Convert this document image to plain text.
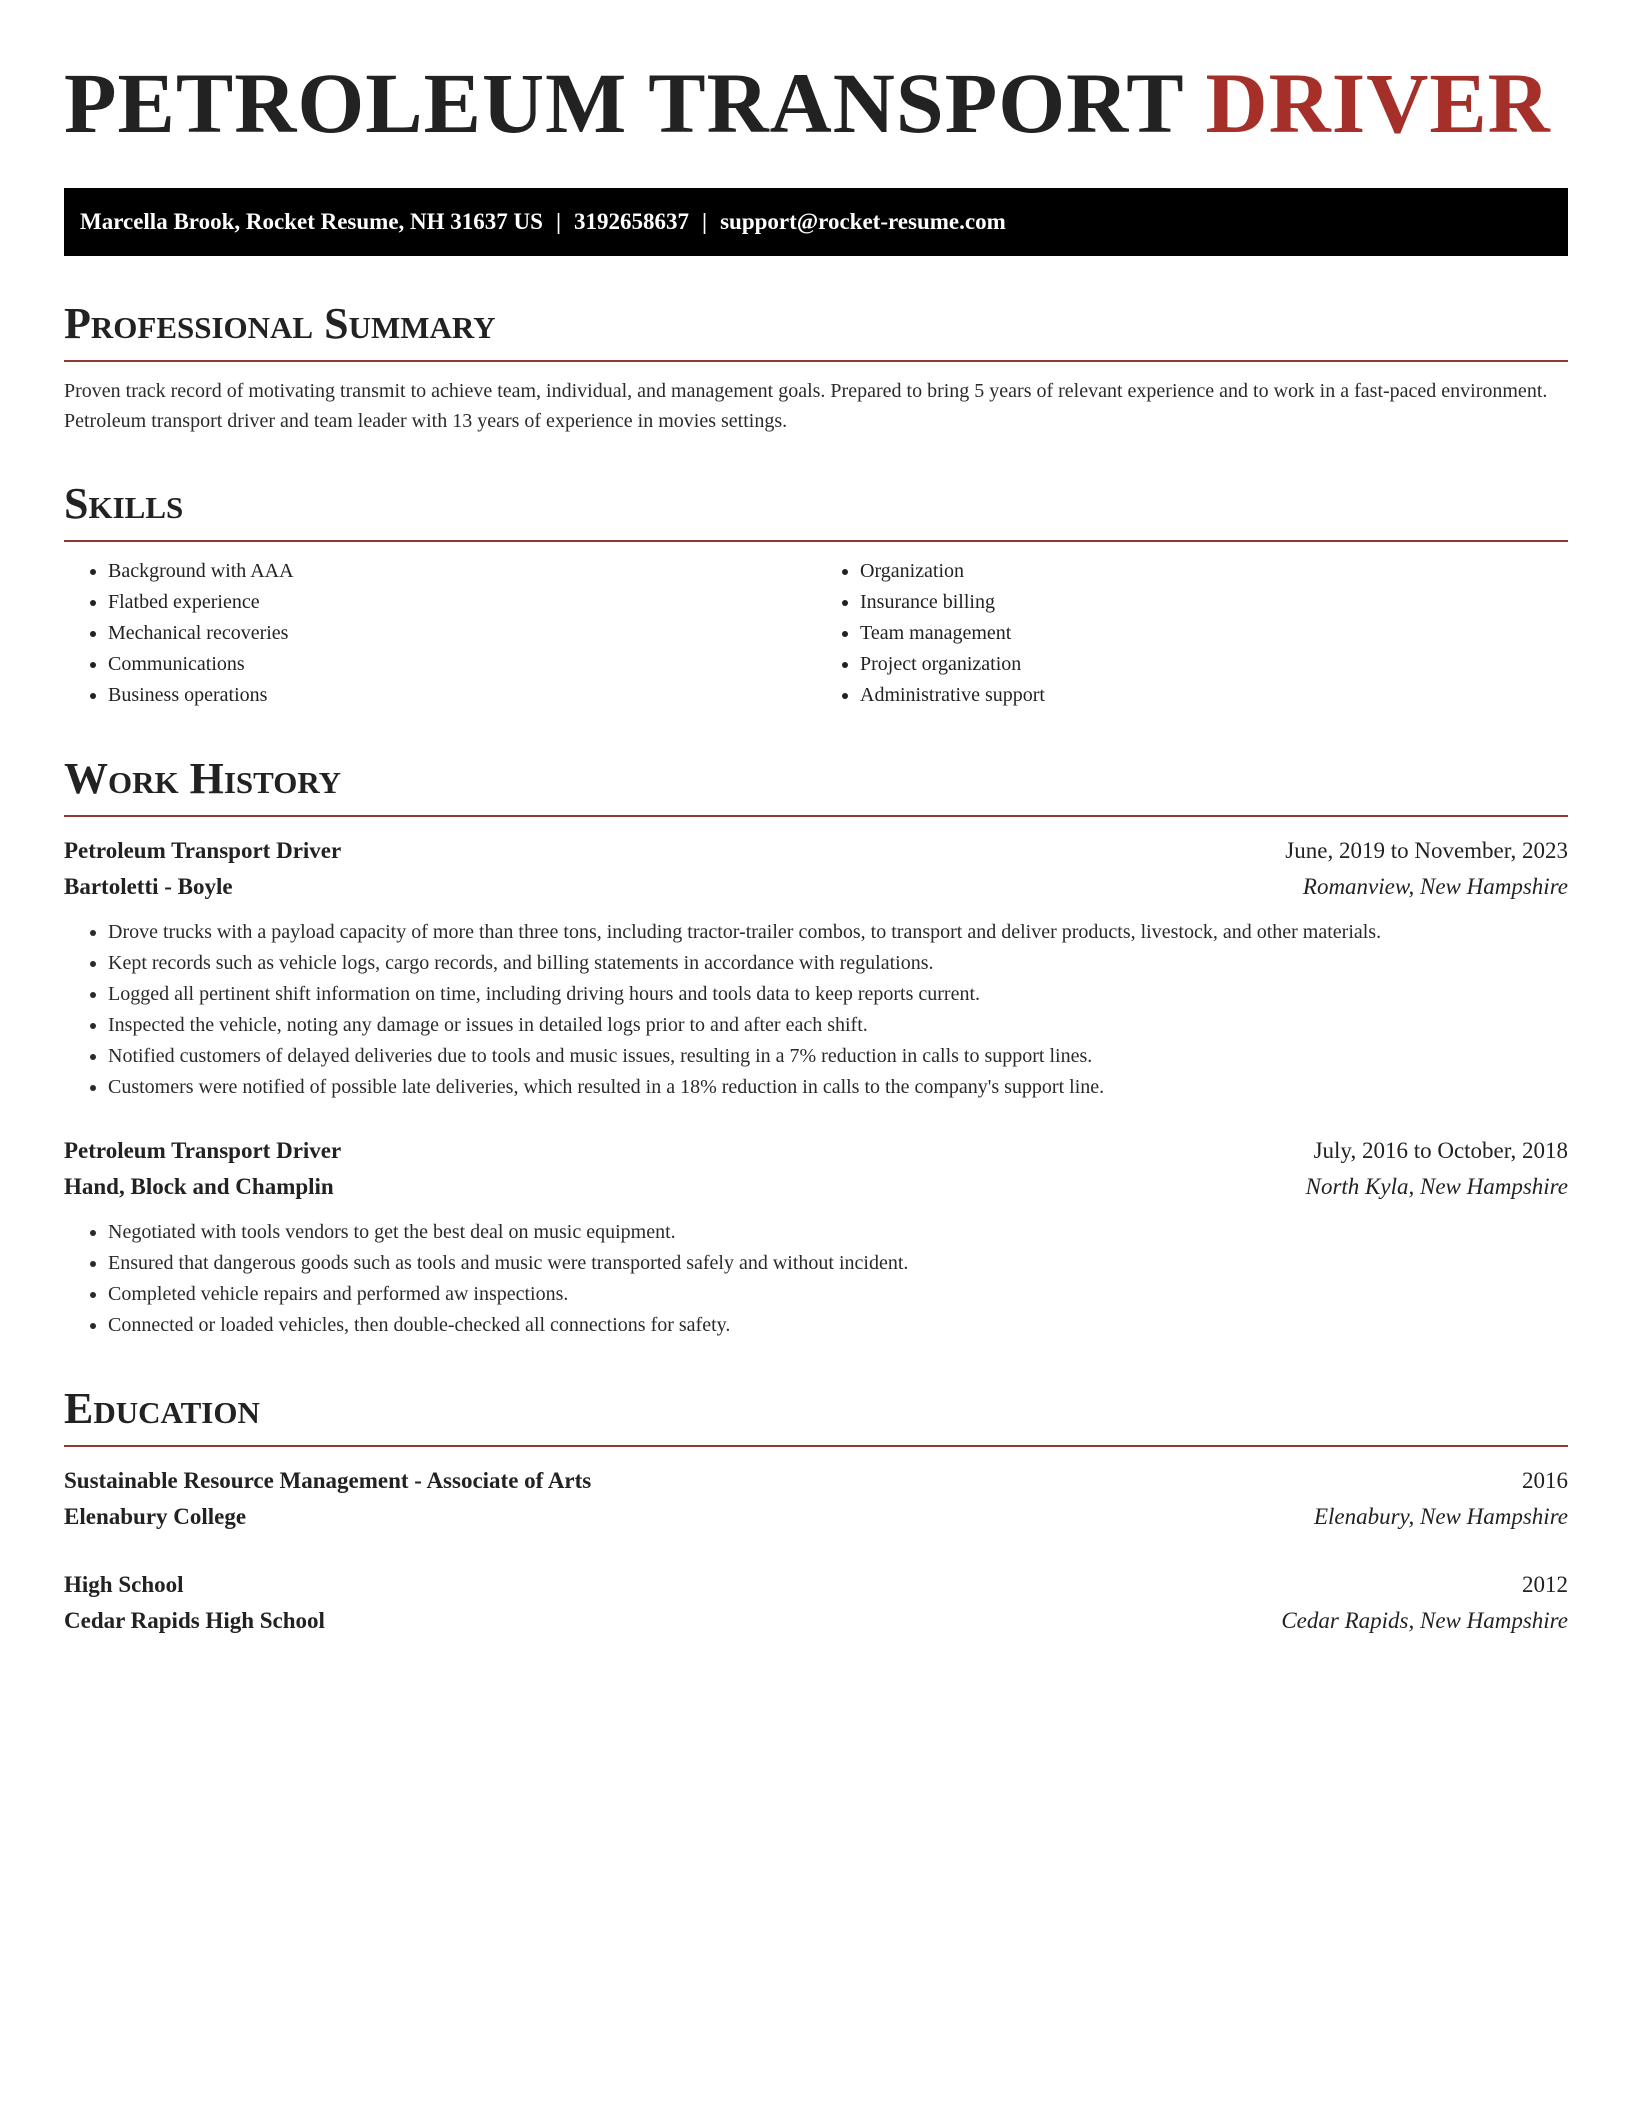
PETROLEUM TRANSPORT DRIVER
Marcella Brook, Rocket Resume, NH 31637 US | 3192658637 | support@rocket-resume.com
Professional Summary

Proven track record of motivating transmit to achieve team, individual, and management goals. Prepared to bring 5 years of relevant experience and to work in a fast-paced environment. Petroleum transport driver and team leader with 13 years of experience in movies settings.

Skills
• Background with AAA
• Flatbed experience
• Mechanical recoveries
• Communications
• Business operations
• Organization
• Insurance billing
• Team management
• Project organization
• Administrative support
Work History
Petroleum Transport Driver	June, 2019 to November, 2023
Bartoletti - Boyle	Romanview, New Hampshire
• Drove trucks with a payload capacity of more than three tons, including tractor-trailer combos, to transport and deliver products, livestock, and other materials.
• Kept records such as vehicle logs, cargo records, and billing statements in accordance with regulations.
• Logged all pertinent shift information on time, including driving hours and tools data to keep reports current.
• Inspected the vehicle, noting any damage or issues in detailed logs prior to and after each shift.
• Notified customers of delayed deliveries due to tools and music issues, resulting in a 7% reduction in calls to support lines.
• Customers were notified of possible late deliveries, which resulted in a 18% reduction in calls to the company's support line.
Petroleum Transport Driver	July, 2016 to October, 2018
Hand, Block and Champlin	North Kyla, New Hampshire
• Negotiated with tools vendors to get the best deal on music equipment.
• Ensured that dangerous goods such as tools and music were transported safely and without incident.
• Completed vehicle repairs and performed aw inspections.
• Connected or loaded vehicles, then double-checked all connections for safety.
Education
Sustainable Resource Management - Associate of Arts	2016
Elenabury College	Elenabury, New Hampshire
High School	2012
Cedar Rapids High School	Cedar Rapids, New Hampshire
